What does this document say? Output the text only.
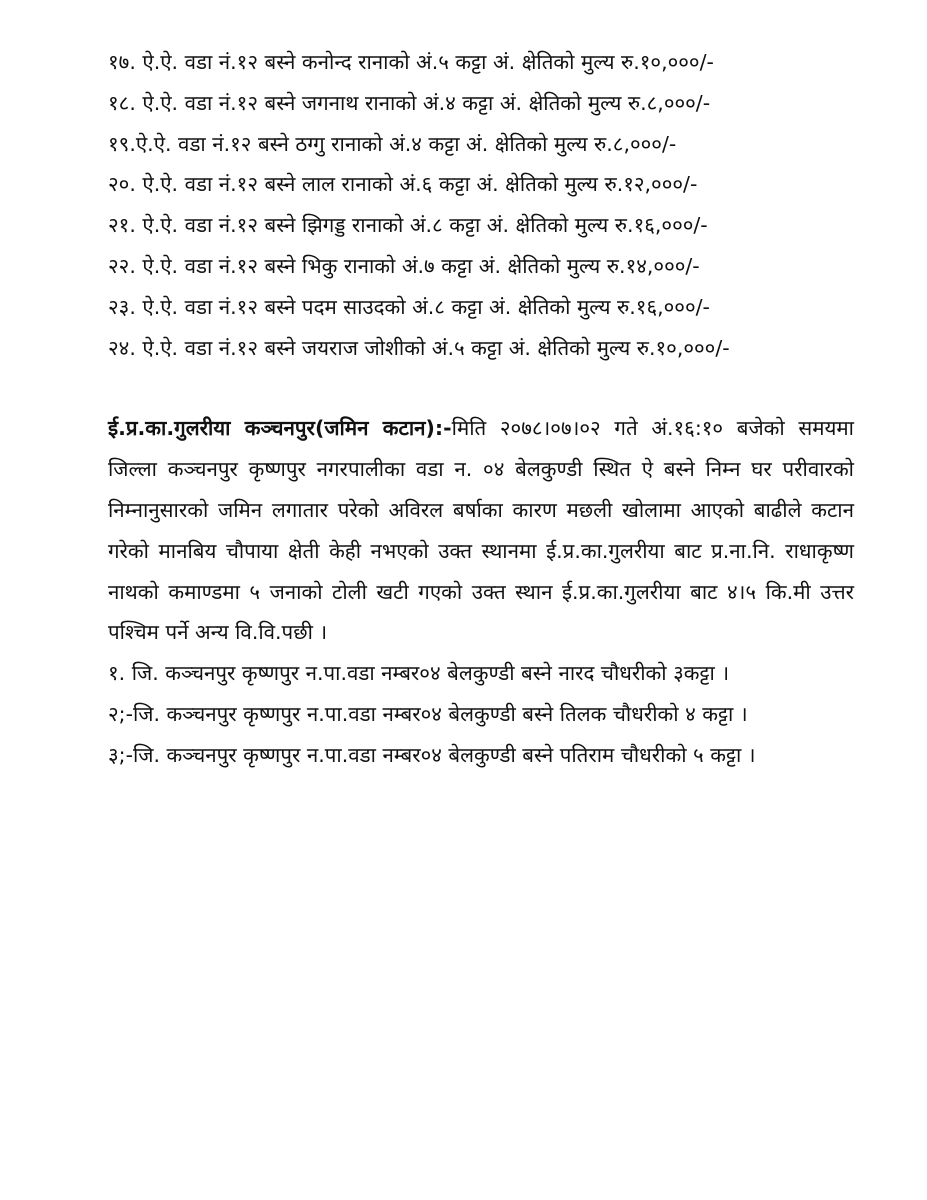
१७. ऐ.ऐ. वडा नं.१२ बस्ने कनोन्द रानाको अं.५ कट्टा अं. क्षेतिको मुल्य रु.१०,०००/-

१८. ऐ.ऐ. वडा नं.१२ बस्ने जगनाथ रानाको अं.४ कट्टा अं. क्षेतिको मुल्य रु.८,०००/-

१९.ऐ.ऐ. वडा नं.१२ बस्ने ठग्गु रानाको अं.४ कट्टा अं. क्षेतिको मुल्य रु.८,०००/-

२०. ऐ.ऐ. वडा नं.१२ बस्ने लाल रानाको अं.६ कट्टा अं. क्षेतिको मुल्य रु.१२,०००/-

२१. ऐ.ऐ. वडा नं.१२ बस्ने झिगड्ड रानाको अं.८ कट्टा अं. क्षेतिको मुल्य रु.१६,०००/-

२२. ऐ.ऐ. वडा नं.१२ बस्ने भिकु रानाको अं.७ कट्टा अं. क्षेतिको मुल्य रु.१४,०००/-

२३. ऐ.ऐ. वडा नं.१२ बस्ने पदम साउदको अं.८ कट्टा अं. क्षेतिको मुल्य रु.१६,०००/-

२४. ऐ.ऐ. वडा नं.१२ बस्ने जयराज जोशीको अं.५ कट्टा अं. क्षेतिको मुल्य रु.१०,०००/-

ई.प्र.का.गुलरीया कञ्चनपुर(जमिन कटान):-मिति २०७८।०७।०२ गते अं.१६:१० बजेको समयमा जिल्ला कञ्चनपुर कृष्णपुर नगरपालीका वडा न. ०४ बेलकुण्डी स्थित ऐ बस्ने निम्न घर परीवारको निम्नानुसारको जमिन लगातार परेको अविरल बर्षाका कारण मछली खोलामा आएको बाढीले कटान गरेको मानबिय चौपाया क्षेती केही नभएको उक्त स्थानमा ई.प्र.का.गुलरीया बाट प्र.ना.नि. राधाकृष्ण नाथको कमाण्डमा ५ जनाको टोली खटी गएको उक्त स्थान ई.प्र.का.गुलरीया बाट ४।५ कि.मी उत्तर पश्चिम पर्ने अन्य वि.वि.पछी ।

१. जि. कञ्चनपुर कृष्णपुर न.पा.वडा नम्बर०४ बेलकुण्डी बस्ने नारद चौधरीको ३कट्टा ।

२;-जि. कञ्चनपुर कृष्णपुर न.पा.वडा नम्बर०४ बेलकुण्डी बस्ने तिलक चौधरीको ४ कट्टा ।

३;-जि. कञ्चनपुर कृष्णपुर न.पा.वडा नम्बर०४ बेलकुण्डी बस्ने पतिराम चौधरीको ५ कट्टा ।
